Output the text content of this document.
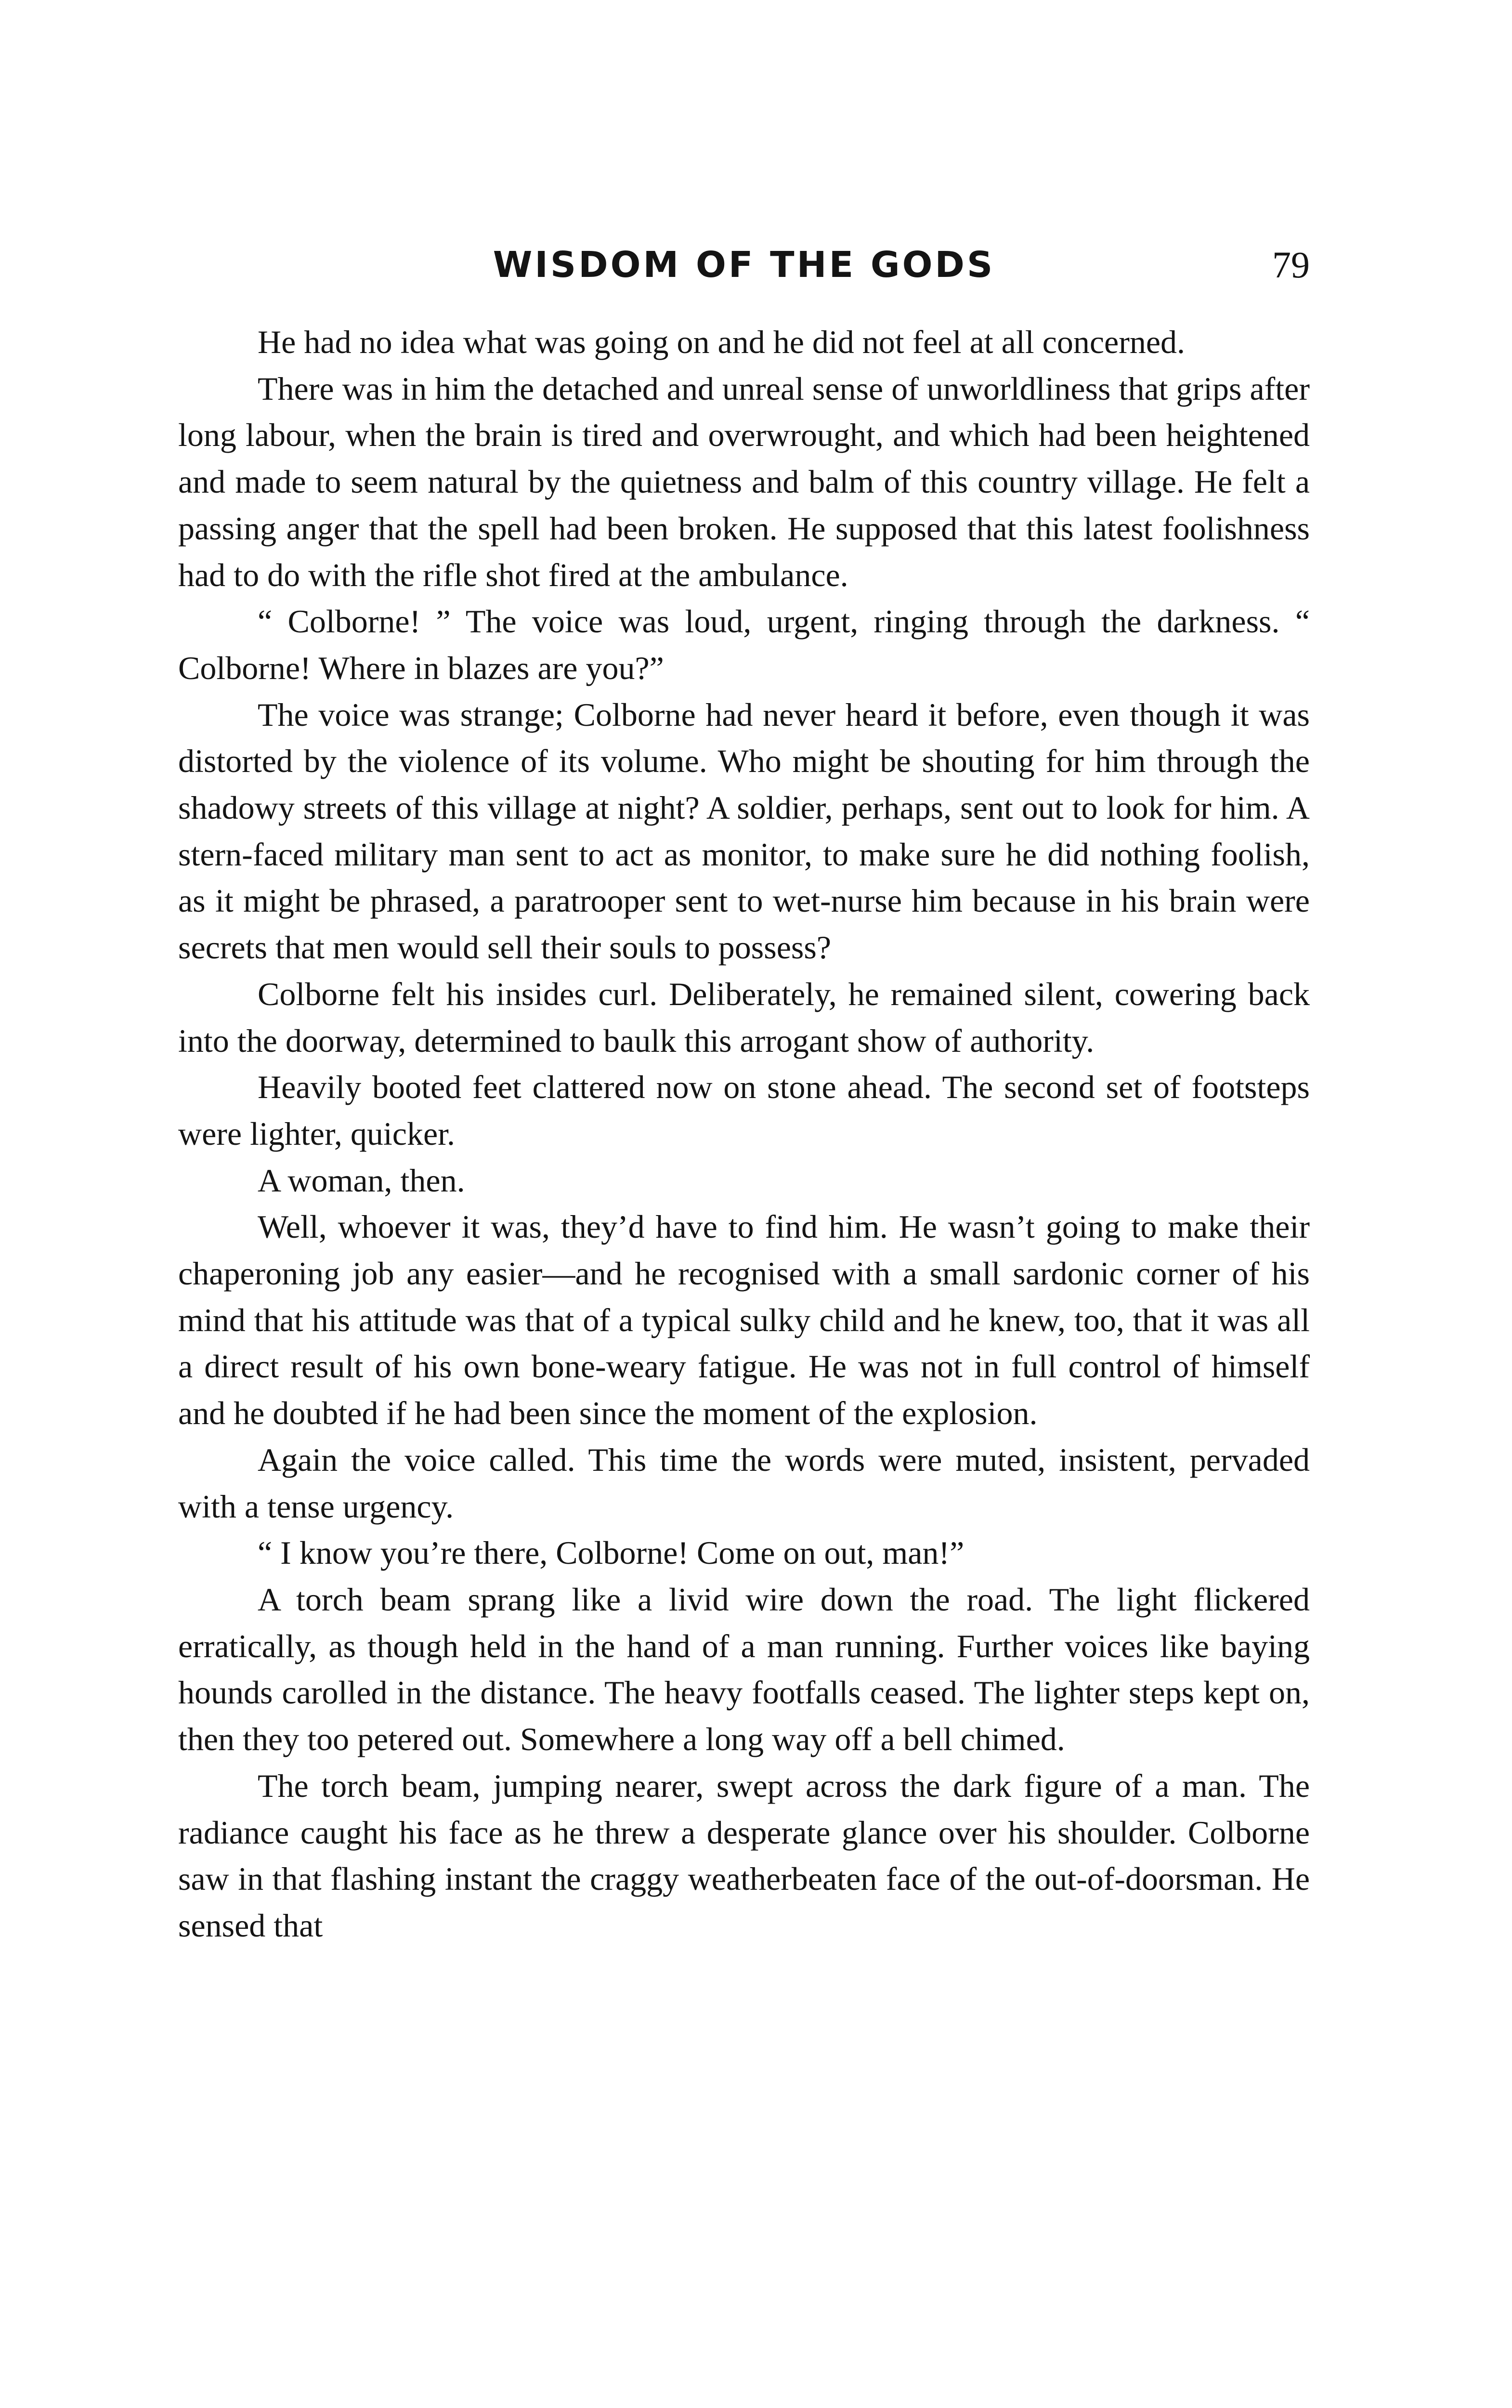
WISDOM OF THE GODS	79

He had no idea what was going on and he did not feel at all concerned.

There was in him the detached and unreal sense of unworldliness that grips after long labour, when the brain is tired and overwrought, and which had been heightened and made to seem natural by the quietness and balm of this country village. He felt a passing anger that the spell had been broken. He supposed that this latest foolishness had to do with the rifle shot fired at the ambulance.

“ Colborne! ” The voice was loud, urgent, ringing through the darkness. “ Colborne! Where in blazes are you?”

The voice was strange; Colborne had never heard it before, even though it was distorted by the violence of its volume. Who might be shouting for him through the shadowy streets of this village at night? A soldier, perhaps, sent out to look for him. A stern-faced military man sent to act as monitor, to make sure he did nothing foolish, as it might be phrased, a paratrooper sent to wet-nurse him because in his brain were secrets that men would sell their souls to possess?

Colborne felt his insides curl. Deliberately, he remained silent, cowering back into the doorway, determined to baulk this arrogant show of authority.

Heavily booted feet clattered now on stone ahead. The second set of footsteps were lighter, quicker.

A woman, then.

Well, whoever it was, they’d have to find him. He wasn’t going to make their chaperoning job any easier—and he recognised with a small sardonic corner of his mind that his attitude was that of a typical sulky child and he knew, too, that it was all a direct result of his own bone-weary fatigue. He was not in full control of himself and he doubted if he had been since the moment of the explosion.

Again the voice called. This time the words were muted, insistent, pervaded with a tense urgency.

“ I know you’re there, Colborne! Come on out, man!”

A torch beam sprang like a livid wire down the road. The light flickered erratically, as though held in the hand of a man running. Further voices like baying hounds carolled in the distance. The heavy footfalls ceased. The lighter steps kept on, then they too petered out. Somewhere a long way off a bell chimed.

The torch beam, jumping nearer, swept across the dark figure of a man. The radiance caught his face as he threw a desperate glance over his shoulder. Colborne saw in that flashing instant the craggy weatherbeaten face of the out-of-doorsman. He sensed that
